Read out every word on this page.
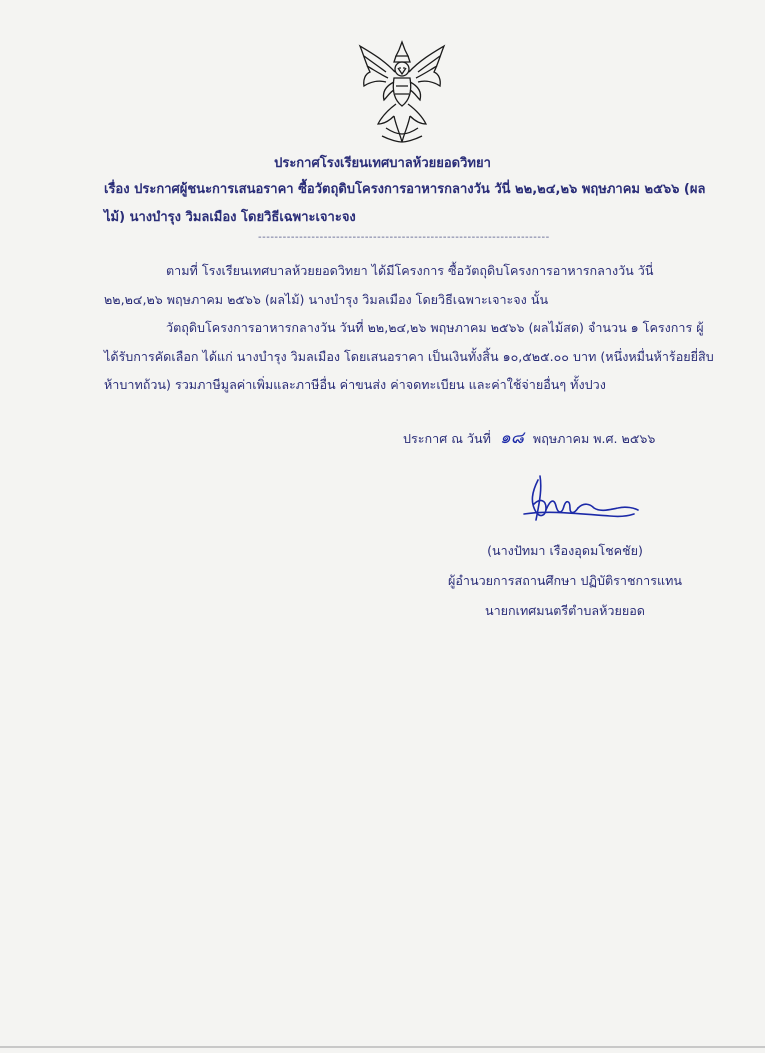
ประกาศโรงเรียนเทศบาลห้วยยอดวิทยา
เรื่อง ประกาศผู้ชนะการเสนอราคา ซื้อวัตถุดิบโครงการอาหารกลางวัน วันี่ ๒๒,๒๔,๒๖ พฤษภาคม ๒๕๖๖ (ผลไม้) นางบำรุง วิมลเมือง โดยวิธีเฉพาะเจาะจง
-----------------------------------------------------------------------
ตามที่ โรงเรียนเทศบาลห้วยยอดวิทยา ได้มีโครงการ ซื้อวัตถุดิบโครงการอาหารกลางวัน วันี่ ๒๒,๒๔,๒๖ พฤษภาคม ๒๕๖๖ (ผลไม้) นางบำรุง วิมลเมือง โดยวิธีเฉพาะเจาะจง นั้น
วัตถุดิบโครงการอาหารกลางวัน วันที่ ๒๒,๒๔,๒๖ พฤษภาคม ๒๕๖๖ (ผลไม้สด) จำนวน ๑ โครงการ ผู้ได้รับการคัดเลือก ได้แก่ นางบำรุง วิมลเมือง โดยเสนอราคา เป็นเงินทั้งสิ้น ๑๐,๕๒๕.๐๐ บาท (หนึ่งหมื่นห้าร้อยยี่สิบห้าบาทถ้วน) รวมภาษีมูลค่าเพิ่มและภาษีอื่น ค่าขนส่ง ค่าจดทะเบียน และค่าใช้จ่ายอื่นๆ ทั้งปวง
ประกาศ ณ วันที่ ๑๘ พฤษภาคม พ.ศ. ๒๕๖๖
(นางปัทมา เรืองอุดมโชคชัย)
ผู้อำนวยการสถานศึกษา ปฏิบัติราชการแทน
นายกเทศมนตรีตำบลห้วยยอด
